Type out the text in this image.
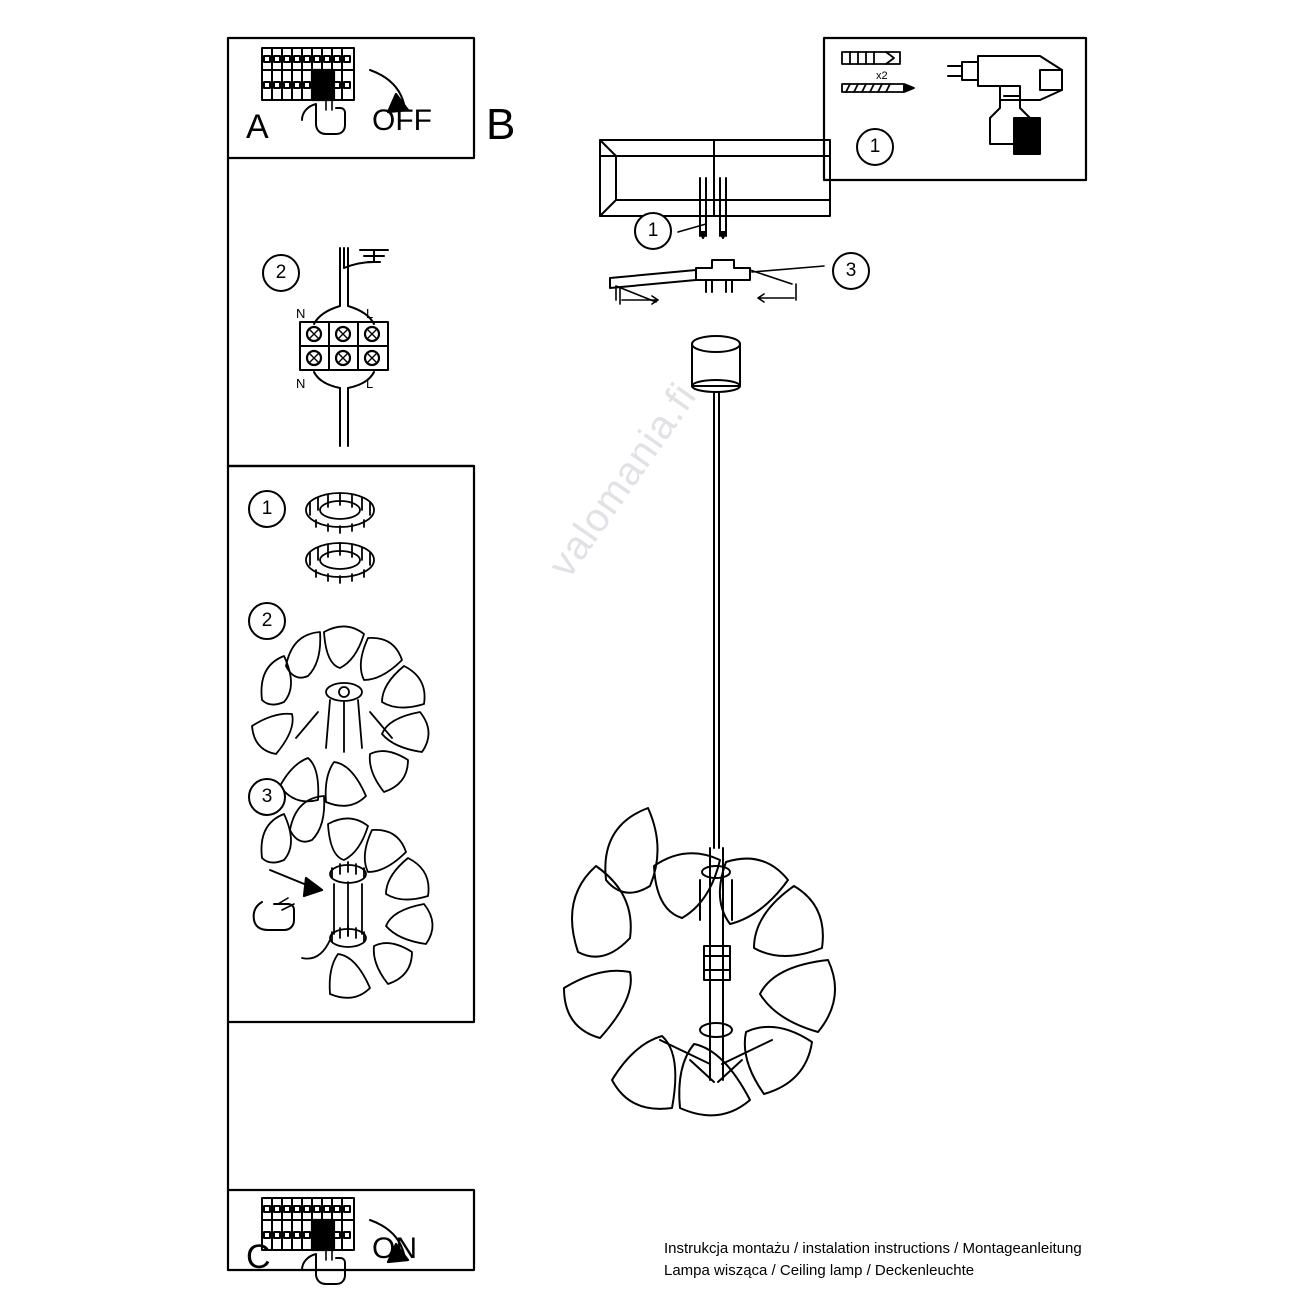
A	OFF B
C	ON
x2
1
2
1
2
3
1
3
N	L
N	L	valomania.fi
Instrukcja montażu / instalation instructions / Montageanleitung
Lampa wisząca / Ceiling lamp / Deckenleuchte
